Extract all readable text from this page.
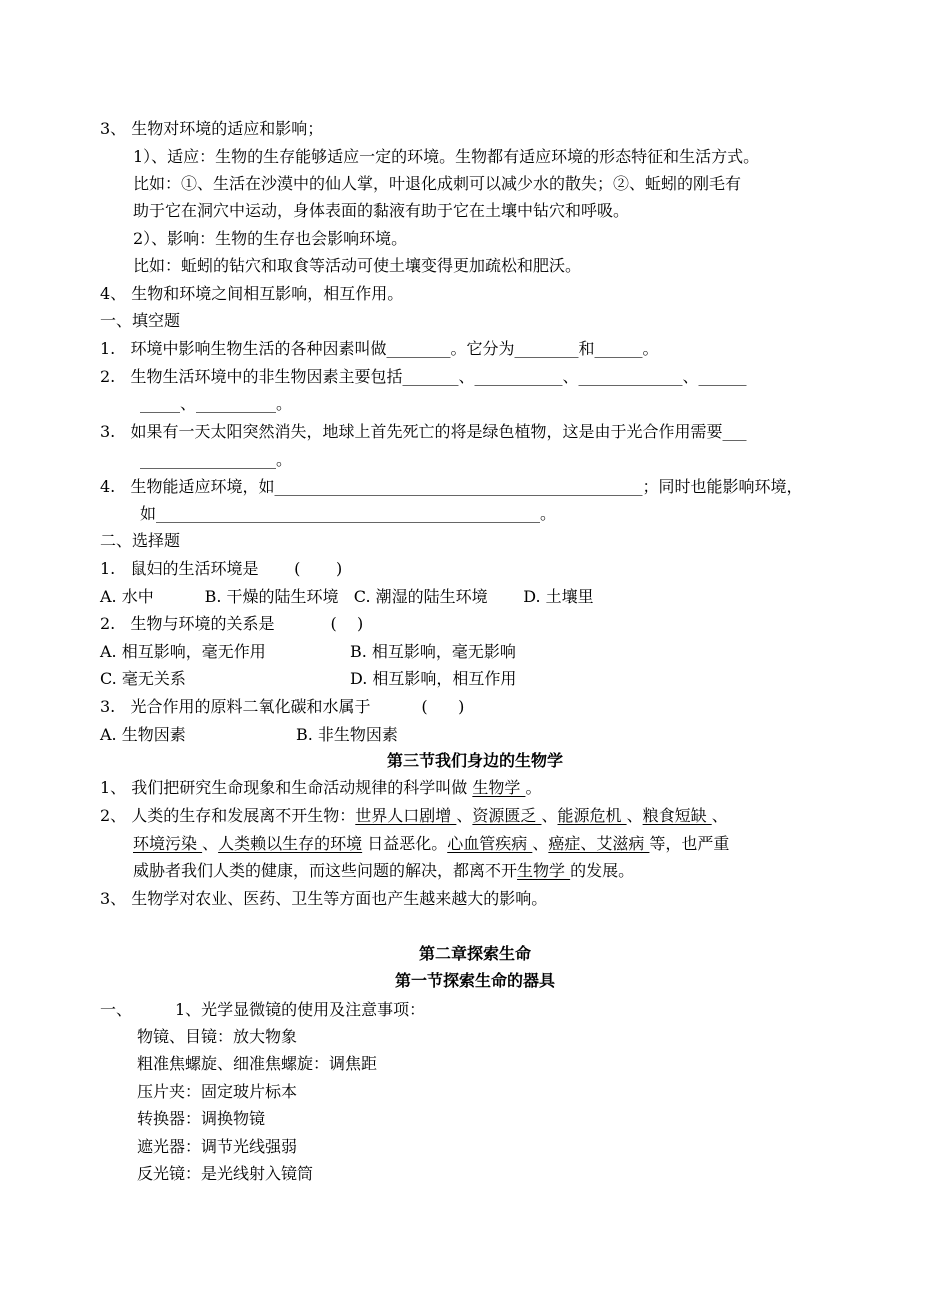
3、 生物对环境的适应和影响；
1）、适应：生物的生存能够适应一定的环境。生物都有适应环境的形态特征和生活方式。
比如：①、生活在沙漠中的仙人掌，叶退化成刺可以减少水的散失；②、蚯蚓的刚毛有
助于它在洞穴中运动，身体表面的黏液有助于它在土壤中钻穴和呼吸。
2）、影响：生物的生存也会影响环境。
比如：蚯蚓的钻穴和取食等活动可使土壤变得更加疏松和肥沃。
4、 生物和环境之间相互影响，相互作用。
一、填空题
1.   环境中影响生物生活的各种因素叫做________。它分为________和______。
2.   生物生活环境中的非生物因素主要包括_______、___________、_____________、______
_____、__________。
3.   如果有一天太阳突然消失，地球上首先死亡的将是绿色植物，这是由于光合作用需要___
_________________。
4.   生物能适应环境，如______________________________________________；同时也能影响环境，
如________________________________________________。
二、选择题
1.   鼠妇的生活环境是       (       )
A. 水中          B. 干燥的陆生环境   C. 潮湿的陆生环境       D. 土壤里
2.   生物与环境的关系是           (    )
A. 相互影响，毫无作用	B. 相互影响，毫无影响
C. 毫无关系	D. 相互影响，相互作用
3.   光合作用的原料二氧化碳和水属于          (      )
A. 生物因素	B. 非生物因素
第三节我们身边的生物学
1、 我们把研究生命现象和生命活动规律的科学叫做 生物学 。
2、 人类的生存和发展离不开生物：世界人口剧增 、资源匮乏 、能源危机 、粮食短缺 、
环境污染 、人类赖以生存的环境 日益恶化。心血管疾病 、癌症、艾滋病 等，也严重
威胁者我们人类的健康，而这些问题的解决，都离不开生物学 的发展。
3、 生物学对农业、医药、卫生等方面也产生越来越大的影响。
第二章探索生命
第一节探索生命的器具
一、	1、光学显微镜的使用及注意事项：
物镜、目镜：放大物象
粗准焦螺旋、细准焦螺旋：调焦距
压片夹：固定玻片标本
转换器：调换物镜
遮光器：调节光线强弱
反光镜：是光线射入镜筒
